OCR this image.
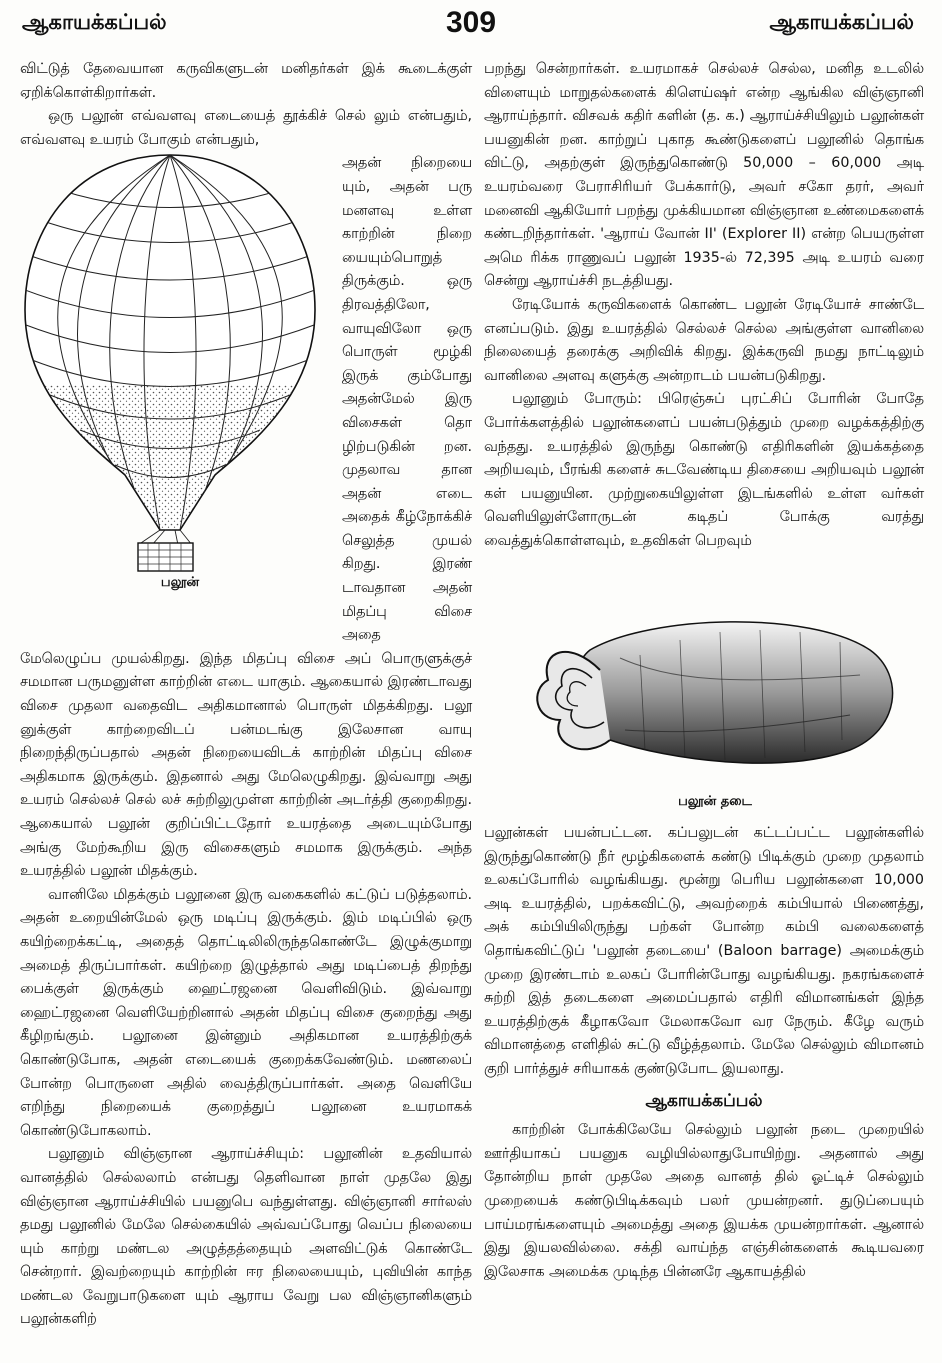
ஆகாயக்கப்பல்	309	ஆகாயக்கப்பல்

விட்டுத் தேவையான கருவிகளுடன் மனிதர்கள் இக் கூடைக்குள் ஏறிக்கொள்கிறார்கள்.

ஒரு பலூன் எவ்வளவு எடையைத் தூக்கிச் செல் லும் என்பதும், எவ்வளவு உயரம் போகும் என்பதும்,

அதன் நிறையை யும், அதன் பரு மனளவு உள்ள காற்றின் நிறை யையும்பொறுத் திருக்கும். ஒரு திரவத்திலோ, வாயுவிலோ ஒரு பொருள் மூழ்கி இருக் கும்போது அதன்மேல் இரு விசைகள் தொ ழிற்படுகின் றன. முதலாவ தான அதன் எடை அதைக் கீழ்நோக்கிச் செலுத்த முயல் கிறது. இரண் டாவதான அதன் மிதப்பு விசை அதை

மேலெழுப்ப முயல்கிறது. இந்த மிதப்பு விசை அப் பொருளுக்குச் சமமான பருமனுள்ள காற்றின் எடை யாகும். ஆகையால் இரண்டாவது விசை முதலா வதைவிட அதிகமானால் பொருள் மிதக்கிறது. பலூ னுக்குள் காற்றைவிடப் பன்மடங்கு இலேசான வாயு நிறைந்திருப்பதால் அதன் நிறையைவிடக் காற்றின் மிதப்பு விசை அதிகமாக இருக்கும். இதனால் அது மேலெழுகிறது. இவ்வாறு அது உயரம் செல்லச் செல் லச் சுற்றிலுமுள்ள காற்றின் அடர்த்தி குறைகிறது. ஆகையால் பலூன் குறிப்பிட்டதோர் உயரத்தை அடையும்போது அங்கு மேற்கூறிய இரு விசைகளும் சமமாக இருக்கும். அந்த உயரத்தில் பலூன் மிதக்கும்.

வானிலே மிதக்கும் பலூனை இரு வகைகளில் கட்டுப் படுத்தலாம். அதன் உறையின்மேல் ஒரு மடிப்பு இருக்கும். இம் மடிப்பில் ஒரு கயிற்றைக்கட்டி, அதைத் தொட்டிலிலிருந்தகொண்டே இழுக்குமாறு அமைத் திருப்பார்கள். கயிற்றை இழுத்தால் அது மடிப்பைத் திறந்து பைக்குள் இருக்கும் ஹைட்ரஜனை வெளிவிடும். இவ்வாறு ஹைட்ரஜனை வெளியேற்றினால் அதன் மிதப்பு விசை குறைந்து அது கீழிறங்கும். பலூனை இன்னும் அதிகமான உயரத்திற்குக் கொண்டுபோக, அதன் எடையைக் குறைக்கவேண்டும். மணலைப் போன்ற பொருளை அதில் வைத்திருப்பார்கள். அதை வெளியே எறிந்து நிறையைக் குறைத்துப் பலூனை உயரமாகக் கொண்டுபோகலாம்.

பலூனும் விஞ்ஞான ஆராய்ச்சியும்: பலூனின் உதவியால் வானத்தில் செல்லலாம் என்பது தெளிவான நாள் முதலே இது விஞ்ஞான ஆராய்ச்சியில் பயனுபெ வந்துள்ளது. விஞ்ஞானி சார்லஸ் தமது பலூனில் மேலே செல்கையில் அவ்வப்போது வெப்ப நிலையை யும் காற்று மண்டல அழுத்தத்தையும் அளவிட்டுக் கொண்டே சென்றார். இவற்றையும் காற்றின் ஈர நிலையையும், புவியின் காந்த மண்டல வேறுபாடுகளை யும் ஆராய வேறு பல விஞ்ஞானிகளும் பலூன்களிற்

பலூன்

பறந்து சென்றார்கள். உயரமாகச் செல்லச் செல்ல, மனித உடலில் விளையும் மாறுதல்களைக் கிளெய்ஷர் என்ற ஆங்கில விஞ்ஞானி ஆராய்ந்தார். விசவக் கதிர் களின் (த. க.) ஆராய்ச்சியிலும் பலூன்கள் பயனுகின் றன. காற்றுப் புகாத கூண்டுகளைப் பலூனில் தொங்க விட்டு, அதற்குள் இருந்துகொண்டு 50,000 – 60,000 அடி உயரம்வரை பேராசிரியர் பேக்கார்டு, அவர் சகோ தரர், அவர் மனைவி ஆகியோர் பறந்து முக்கியமான விஞ்ஞான உண்மைகளைக் கண்டறிந்தார்கள். 'ஆராய் வோன் II' (Explorer II) என்ற பெயருள்ள அமெ ரிக்க ராணுவப் பலூன் 1935-ல் 72,395 அடி உயரம் வரை சென்று ஆராய்ச்சி நடத்தியது.

ரேடியோக் கருவிகளைக் கொண்ட பலூன் ரேடியோச் சாண்டே எனப்படும். இது உயரத்தில் செல்லச் செல்ல அங்குள்ள வானிலை நிலையைத் தரைக்கு அறிவிக் கிறது. இக்கருவி நமது நாட்டிலும் வானிலை அளவு களுக்கு அன்றாடம் பயன்படுகிறது.

பலூனும் போரும்: பிரெஞ்சுப் புரட்சிப் போரின் போதே போர்க்களத்தில் பலூன்களைப் பயன்படுத்தும் முறை வழக்கத்திற்கு வந்தது. உயரத்தில் இருந்து கொண்டு எதிரிகளின் இயக்கத்தை அறியவும், பீரங்கி களைச் சுடவேண்டிய திசையை அறியவும் பலூன் கள் பயனுயின. முற்றுகையிலுள்ள இடங்களில் உள்ள வர்கள் வெளியிலுள்ளோருடன் கடிதப் போக்கு வரத்து வைத்துக்கொள்ளவும், உதவிகள் பெறவும்

பலூன் தடை

பலூன்கள் பயன்பட்டன. கப்பலுடன் கட்டப்பட்ட பலூன்களில் இருந்துகொண்டு நீர் மூழ்கிகளைக் கண்டு பிடிக்கும் முறை முதலாம் உலகப்போரில் வழங்கியது. மூன்று பெரிய பலூன்களை 10,000 அடி உயரத்தில், பறக்கவிட்டு, அவற்றைக் கம்பியால் பிணைத்து, அக் கம்பியிலிருந்து பற்கள் போன்ற கம்பி வலைகளைத் தொங்கவிட்டுப் 'பலூன் தடையை' (Baloon barrage) அமைக்கும் முறை இரண்டாம் உலகப் போரின்போது வழங்கியது. நகரங்களைச் சுற்றி இத் தடைகளை அமைப்பதால் எதிரி விமானங்கள் இந்த உயரத்திற்குக் கீழாகவோ மேலாகவோ வர நேரும். கீழே வரும் விமானத்தை எளிதில் சுட்டு வீழ்த்தலாம். மேலே செல்லும் விமானம் குறி பார்த்துச் சரியாகக் குண்டுபோட இயலாது.

ஆகாயக்கப்பல்

காற்றின் போக்கிலேயே செல்லும் பலூன் நடை முறையில் ஊர்தியாகப் பயனுக வழியில்லாதுபோயிற்று. அதனால் அது தோன்றிய நாள் முதலே அதை வானத் தில் ஓட்டிச் செல்லும் முறையைக் கண்டுபிடிக்கவும் பலர் முயன்றனர். துடுப்பையும் பாய்மரங்களையும் அமைத்து அதை இயக்க முயன்றார்கள். ஆனால் இது இயலவில்லை. சக்தி வாய்ந்த எஞ்சின்களைக் கூடியவரை இலேசாக அமைக்க முடிந்த பின்னரே ஆகாயத்தில்
